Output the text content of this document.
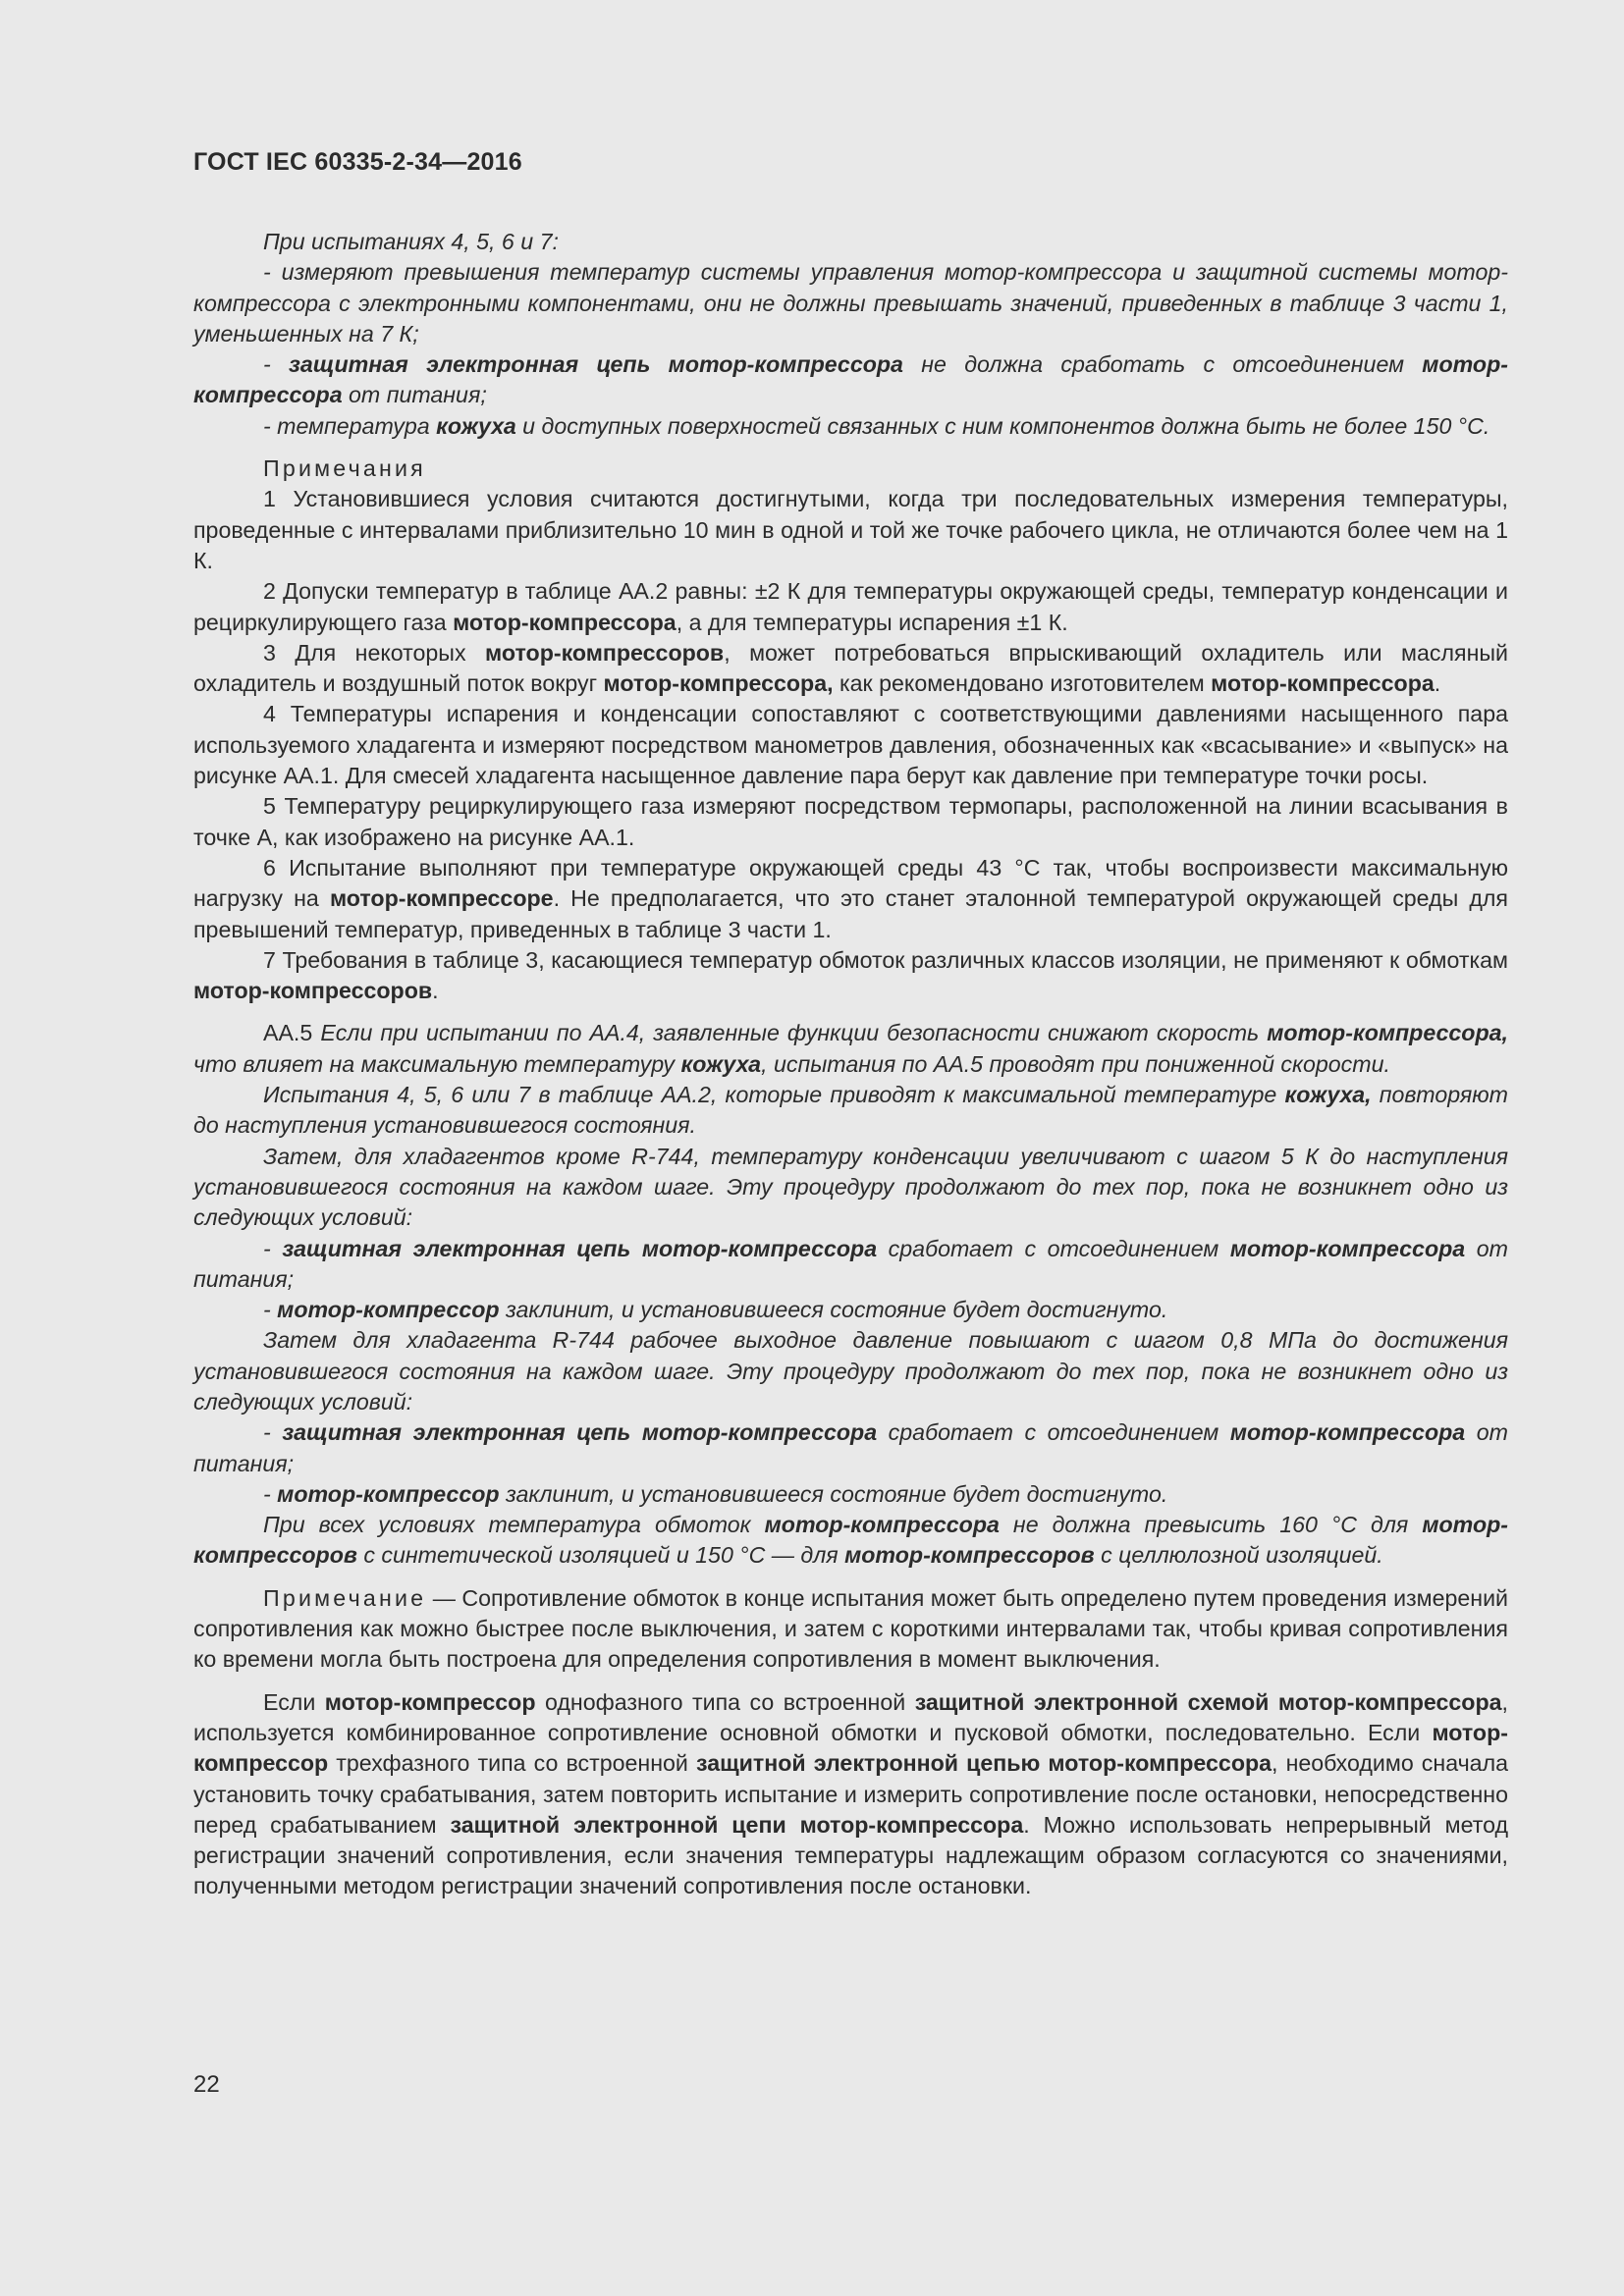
ГОСТ IEC 60335-2-34—2016

При испытаниях 4, 5, 6 и 7:

- измеряют превышения температур системы управления мотор-компрессора и защитной системы мотор-компрессора с электронными компонентами, они не должны превышать значений, приведенных в таблице 3 части 1, уменьшенных на 7 К;

- защитная электронная цепь мотор-компрессора не должна сработать с отсоединением мотор-компрессора от питания;

- температура кожуха и доступных поверхностей связанных с ним компонентов должна быть не более 150 °С.

Примечания

1 Установившиеся условия считаются достигнутыми, когда три последовательных измерения температуры, проведенные с интервалами приблизительно 10 мин в одной и той же точке рабочего цикла, не отличаются более чем на 1 К.

2 Допуски температур в таблице АА.2 равны: ±2 К для температуры окружающей среды, температур конденсации и рециркулирующего газа мотор-компрессора, а для температуры испарения ±1 К.

3 Для некоторых мотор-компрессоров, может потребоваться впрыскивающий охладитель или масляный охладитель и воздушный поток вокруг мотор-компрессора, как рекомендовано изготовителем мотор-компрессора.

4 Температуры испарения и конденсации сопоставляют с соответствующими давлениями насыщенного пара используемого хладагента и измеряют посредством манометров давления, обозначенных как «всасывание» и «выпуск» на рисунке АА.1. Для смесей хладагента насыщенное давление пара берут как давление при температуре точки росы.

5 Температуру рециркулирующего газа измеряют посредством термопары, расположенной на линии всасывания в точке А, как изображено на рисунке АА.1.

6 Испытание выполняют при температуре окружающей среды 43 °С так, чтобы воспроизвести максимальную нагрузку на мотор-компрессоре. Не предполагается, что это станет эталонной температурой окружающей среды для превышений температур, приведенных в таблице 3 части 1.

7 Требования в таблице 3, касающиеся температур обмоток различных классов изоляции, не применяют к обмоткам мотор-компрессоров.

АА.5 Если при испытании по АА.4, заявленные функции безопасности снижают скорость мотор-компрессора, что влияет на максимальную температуру кожуха, испытания по АА.5 проводят при пониженной скорости.

Испытания 4, 5, 6 или 7 в таблице АА.2, которые приводят к максимальной температуре кожуха, повторяют до наступления установившегося состояния.

Затем, для хладагентов кроме R-744, температуру конденсации увеличивают с шагом 5 К до наступления установившегося состояния на каждом шаге. Эту процедуру продолжают до тех пор, пока не возникнет одно из следующих условий:

- защитная электронная цепь мотор-компрессора сработает с отсоединением мотор-компрессора от питания;

- мотор-компрессор заклинит, и установившееся состояние будет достигнуто.

Затем для хладагента R-744 рабочее выходное давление повышают с шагом 0,8 МПа до достижения установившегося состояния на каждом шаге. Эту процедуру продолжают до тех пор, пока не возникнет одно из следующих условий:

- защитная электронная цепь мотор-компрессора сработает с отсоединением мотор-компрессора от питания;

- мотор-компрессор заклинит, и установившееся состояние будет достигнуто.

При всех условиях температура обмоток мотор-компрессора не должна превысить 160 °С для мотор-компрессоров с синтетической изоляцией и 150 °С — для мотор-компрессоров с целлюлозной изоляцией.

Примечание — Сопротивление обмоток в конце испытания может быть определено путем проведения измерений сопротивления как можно быстрее после выключения, и затем с короткими интервалами так, чтобы кривая сопротивления ко времени могла быть построена для определения сопротивления в момент выключения.

Если мотор-компрессор однофазного типа со встроенной защитной электронной схемой мотор-компрессора, используется комбинированное сопротивление основной обмотки и пусковой обмотки, последовательно. Если мотор-компрессор трехфазного типа со встроенной защитной электронной цепью мотор-компрессора, необходимо сначала установить точку срабатывания, затем повторить испытание и измерить сопротивление после остановки, непосредственно перед срабатыванием защитной электронной цепи мотор-компрессора. Можно использовать непрерывный метод регистрации значений сопротивления, если значения температуры надлежащим образом согласуются со значениями, полученными методом регистрации значений сопротивления после остановки.

22
